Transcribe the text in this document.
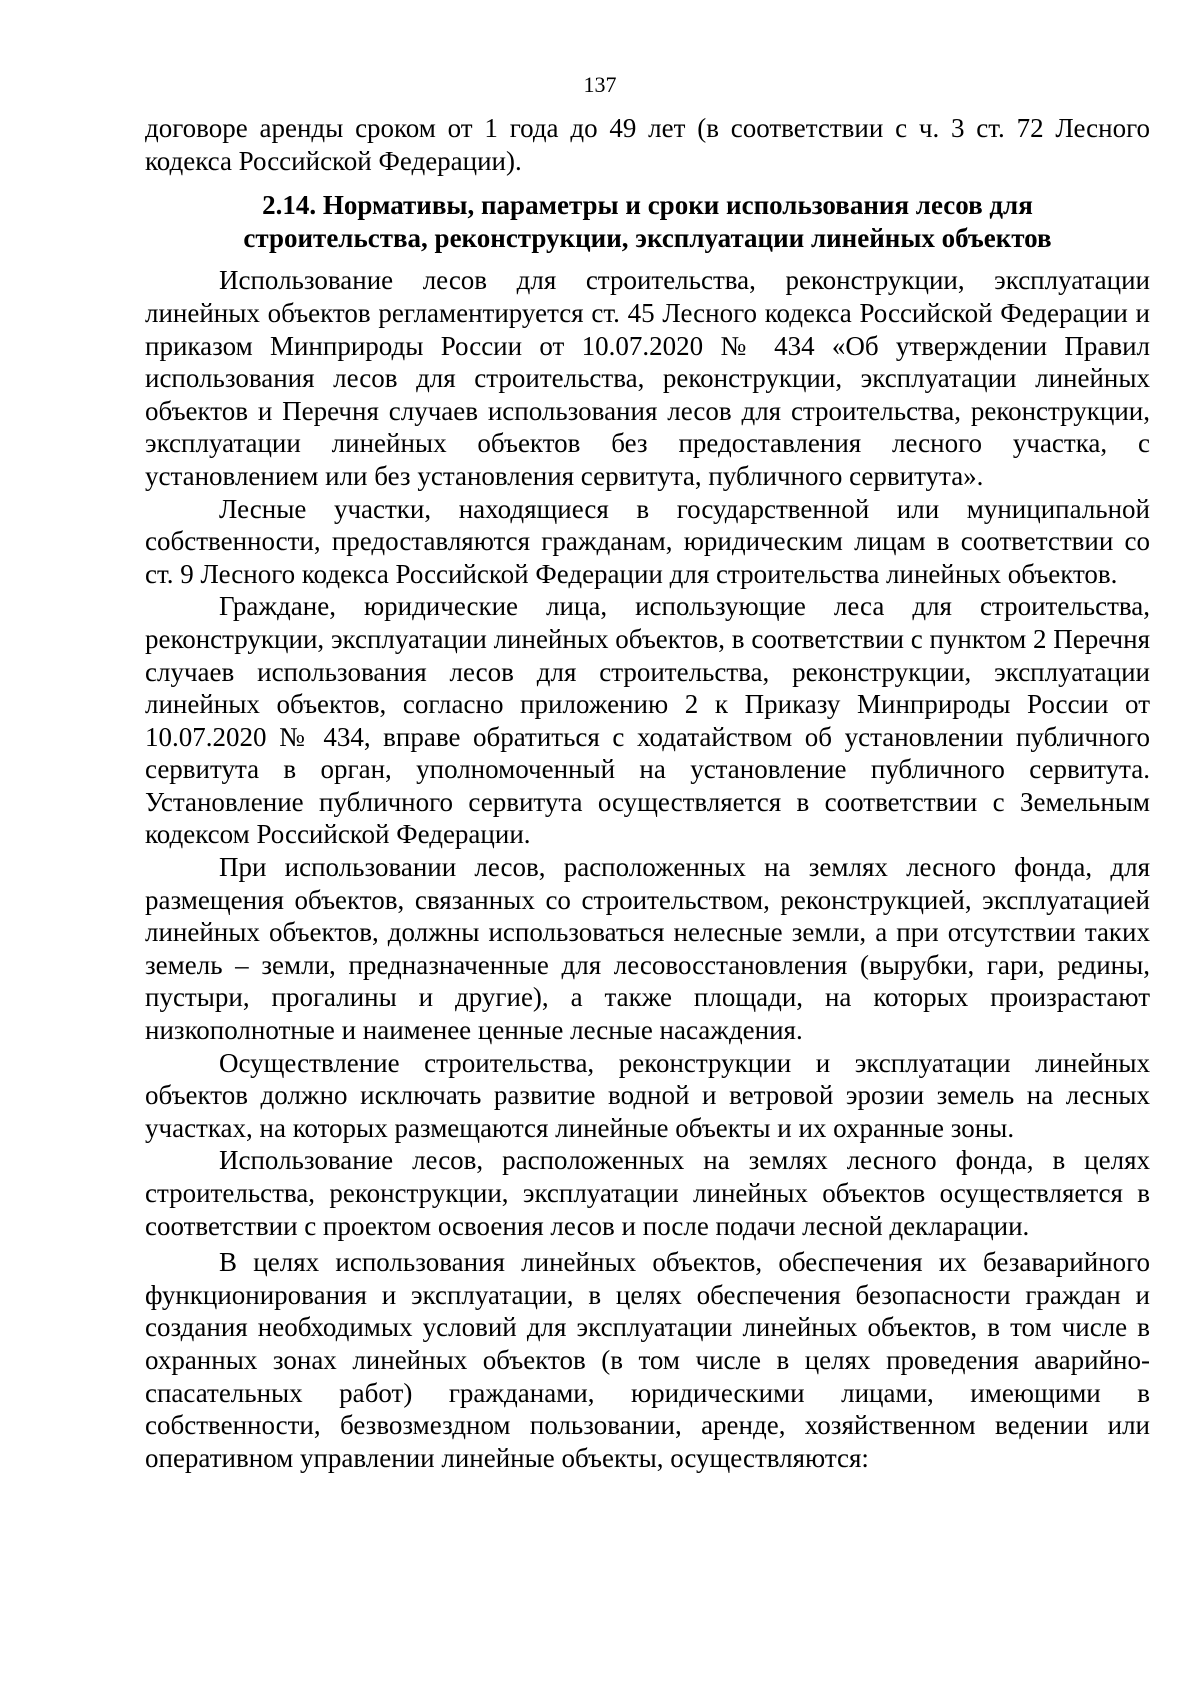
137

договоре аренды сроком от 1 года до 49 лет (в соответствии с ч. 3 ст. 72 Лесного кодекса Российской Федерации).

2.14. Нормативы, параметры и сроки использования лесов для
строительства, реконструкции, эксплуатации линейных объектов

Использование лесов для строительства, реконструкции, эксплуатации линейных объектов регламентируется ст. 45 Лесного кодекса Российской Федерации и приказом Минприроды России от 10.07.2020 № 434 «Об утверждении Правил использования лесов для строительства, реконструкции, эксплуатации линейных объектов и Перечня случаев использования лесов для строительства, реконструкции, эксплуатации линейных объектов без предоставления лесного участка, с установлением или без установления сервитута, публичного сервитута».

Лесные участки, находящиеся в государственной или муниципальной собственности, предоставляются гражданам, юридическим лицам в соответствии со ст. 9 Лесного кодекса Российской Федерации для строительства линейных объектов.

Граждане, юридические лица, использующие леса для строительства, реконструкции, эксплуатации линейных объектов, в соответствии с пунктом 2 Перечня случаев использования лесов для строительства, реконструкции, эксплуатации линейных объектов, согласно приложению 2 к Приказу Минприроды России от 10.07.2020 № 434, вправе обратиться с ходатайством об установлении публичного сервитута в орган, уполномоченный на установление публичного сервитута. Установление публичного сервитута осуществляется в соответствии с Земельным кодексом Российской Федерации.

При использовании лесов, расположенных на землях лесного фонда, для размещения объектов, связанных со строительством, реконструкцией, эксплуатацией линейных объектов, должны использоваться нелесные земли, а при отсутствии таких земель – земли, предназначенные для лесовосстановления (вырубки, гари, редины, пустыри, прогалины и другие), а также площади, на которых произрастают низкополнотные и наименее ценные лесные насаждения.

Осуществление строительства, реконструкции и эксплуатации линейных объектов должно исключать развитие водной и ветровой эрозии земель на лесных участках, на которых размещаются линейные объекты и их охранные зоны.

Использование лесов, расположенных на землях лесного фонда, в целях строительства, реконструкции, эксплуатации линейных объектов осуществляется в соответствии с проектом освоения лесов и после подачи лесной декларации.

В целях использования линейных объектов, обеспечения их безаварийного функционирования и эксплуатации, в целях обеспечения безопасности граждан и создания необходимых условий для эксплуатации линейных объектов, в том числе в охранных зонах линейных объектов (в том числе в целях проведения аварийно-спасательных работ) гражданами, юридическими лицами, имеющими в собственности, безвозмездном пользовании, аренде, хозяйственном ведении или оперативном управлении линейные объекты, осуществляются:
